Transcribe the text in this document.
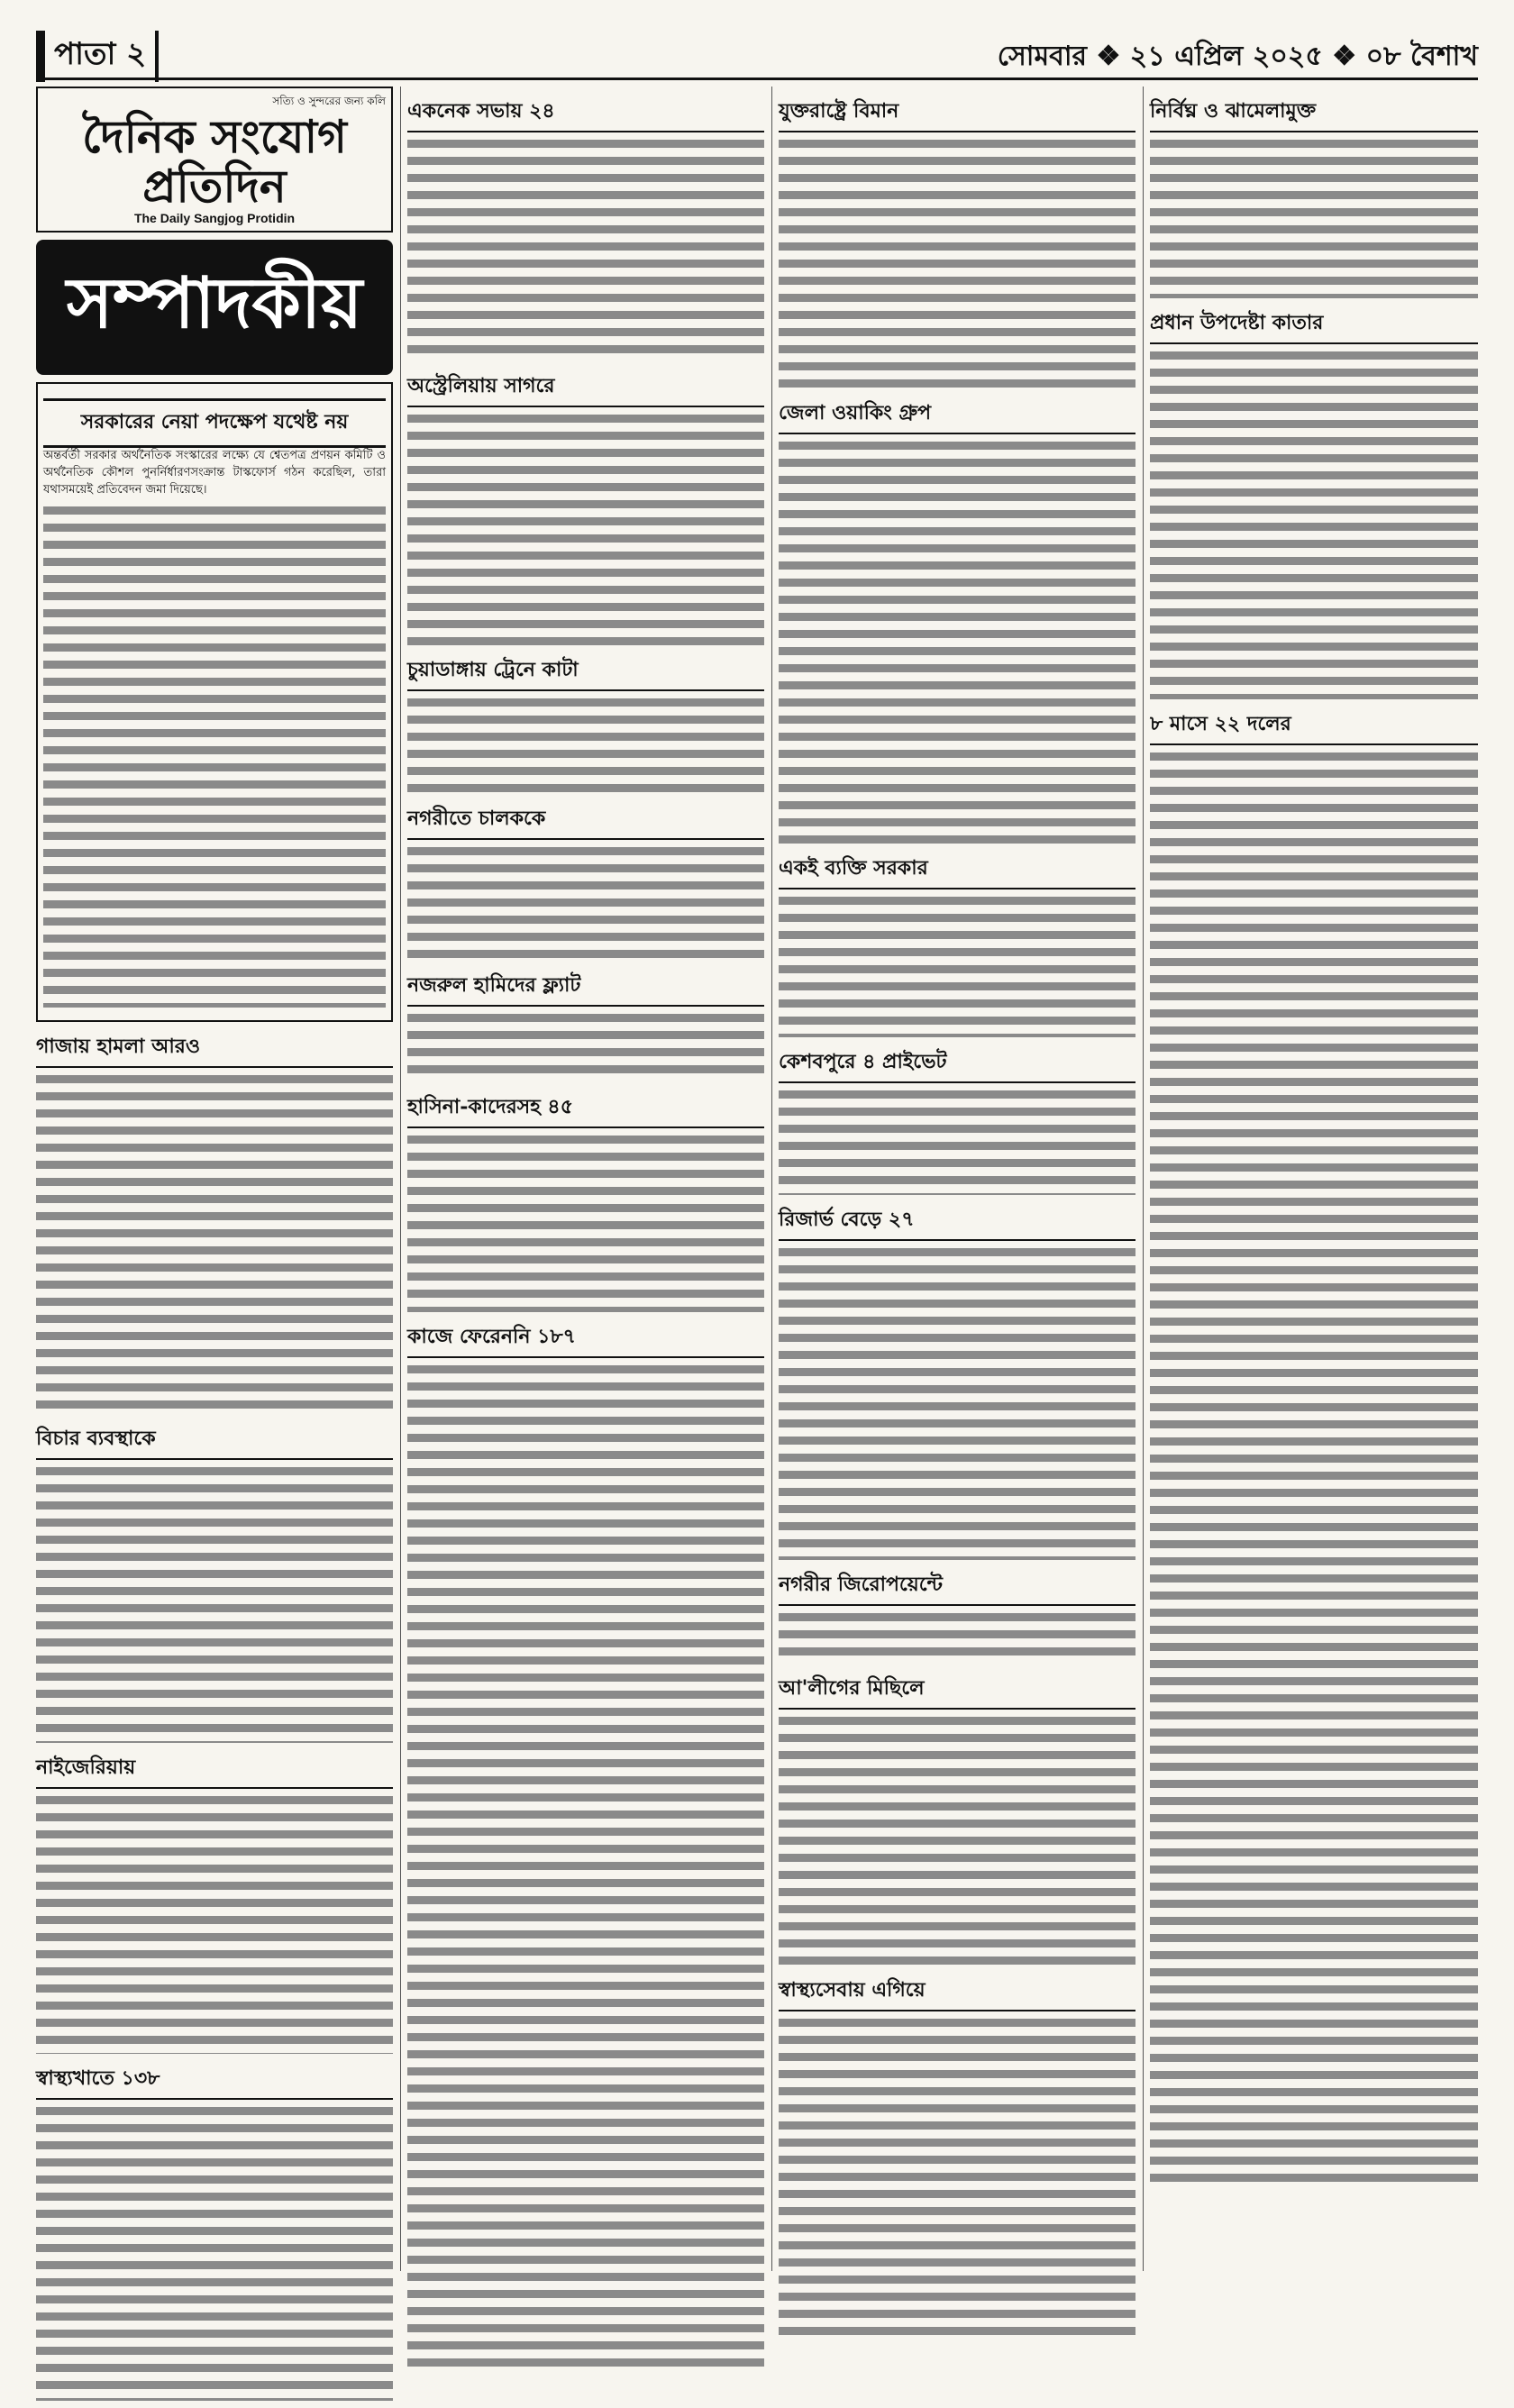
পাতা ২	সোমবার ❖ ২১ এপ্রিল ২০২৫ ❖ ০৮ বৈশাখ
সত্যি ও সুন্দরের জন্য কলি
দৈনিক সংযোগ প্রতিদিন
The Daily Sangjog Protidin
সম্পাদকীয়
সরকারের নেয়া পদক্ষেপ যথেষ্ট নয়

অন্তর্বর্তী সরকার অর্থনৈতিক সংস্কারের লক্ষ্যে যে শ্বেতপত্র প্রণয়ন কমিটি ও অর্থনৈতিক কৌশল পুনর্নির্ধারণসংক্রান্ত টাস্কফোর্স গঠন করেছিল, তারা যথাসময়েই প্রতিবেদন জমা দিয়েছে।

গাজায় হামলা আরও
বিচার ব্যবস্থাকে
নাইজেরিয়ায়
স্বাস্থ্যখাতে ১৩৮
একনেক সভায় ২৪
অস্ট্রেলিয়ায় সাগরে
চুয়াডাঙ্গায় ট্রেনে কাটা
নগরীতে চালককে
নজরুল হামিদের ফ্ল্যাট
হাসিনা-কাদেরসহ ৪৫
কাজে ফেরেননি ১৮৭
যুক্তরাষ্ট্রে বিমান
জেলা ওয়াকিং গ্রুপ
একই ব্যক্তি সরকার
কেশবপুরে ৪ প্রাইভেট
রিজার্ভ বেড়ে ২৭
নগরীর জিরোপয়েন্টে
আ'লীগের মিছিলে
স্বাস্থ্যসেবায় এগিয়ে
নির্বিঘ্ন ও ঝামেলামুক্ত
প্রধান উপদেষ্টা কাতার
৮ মাসে ২২ দলের
